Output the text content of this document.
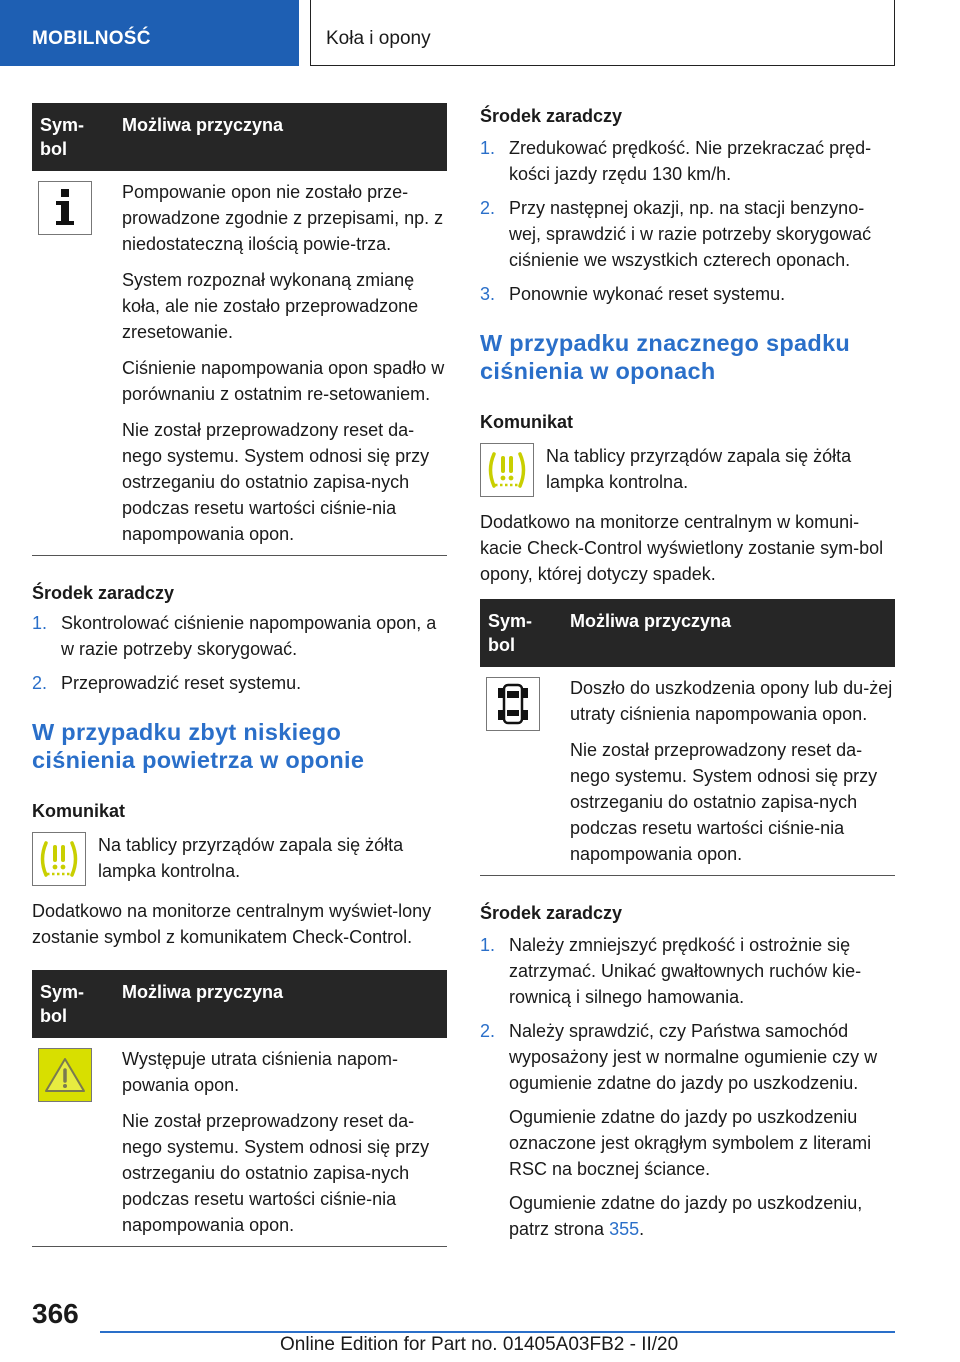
MOBILNOŚĆ	Koła i opony
Sym-
bol
Możliwa przyczyna

Pompowanie opon nie zostało prze-prowadzone zgodnie z przepisami, np. z niedostateczną ilością powie-trza.

System rozpoznał wykonaną zmianę koła, ale nie zostało przeprowadzone zresetowanie.

Ciśnienie napompowania opon spadło w porównaniu z ostatnim re-setowaniem.

Nie został przeprowadzony reset da-nego systemu. System odnosi się przy ostrzeganiu do ostatnio zapisa-nych podczas resetu wartości ciśnie-nia napompowania opon.

Środek zaradczy
1. Skontrolować ciśnienie napompowania opon, a w razie potrzeby skorygować.
2. Przeprowadzić reset systemu.
W przypadku zbyt niskiego ciśnienia powietrza w oponie
Komunikat
Na tablicy przyrządów zapala się żółta lampka kontrolna.

Dodatkowo na monitorze centralnym wyświet-lony zostanie symbol z komunikatem Check-Control.

Sym-
bol
Możliwa przyczyna

Występuje utrata ciśnienia napom-powania opon.

Nie został przeprowadzony reset da-nego systemu. System odnosi się przy ostrzeganiu do ostatnio zapisa-nych podczas resetu wartości ciśnie-nia napompowania opon.

Środek zaradczy
1. Zredukować prędkość. Nie przekraczać pręd-kości jazdy rzędu 130 km/h.
2. Przy następnej okazji, np. na stacji benzyno-wej, sprawdzić i w razie potrzeby skorygować ciśnienie we wszystkich czterech oponach.
3. Ponownie wykonać reset systemu.
W przypadku znacznego spadku ciśnienia w oponach
Komunikat
Na tablicy przyrządów zapala się żółta lampka kontrolna.

Dodatkowo na monitorze centralnym w komuni-kacie Check-Control wyświetlony zostanie sym-bol opony, której dotyczy spadek.

Sym-
bol
Możliwa przyczyna

Doszło do uszkodzenia opony lub du-żej utraty ciśnienia napompowania opon.

Nie został przeprowadzony reset da-nego systemu. System odnosi się przy ostrzeganiu do ostatnio zapisa-nych podczas resetu wartości ciśnie-nia napompowania opon.

Środek zaradczy
1. Należy zmniejszyć prędkość i ostrożnie się zatrzymać. Unikać gwałtownych ruchów kie-rownicą i silnego hamowania.
2. Należy sprawdzić, czy Państwa samochód wyposażony jest w normalne ogumienie czy w ogumienie zdatne do jazdy po uszkodzeniu.
Ogumienie zdatne do jazdy po uszkodzeniu oznaczone jest okrągłym symbolem z literami RSC na bocznej ściance.
Ogumienie zdatne do jazdy po uszkodzeniu, patrz strona 355.
366
Online Edition for Part no. 01405A03FB2 - II/20
